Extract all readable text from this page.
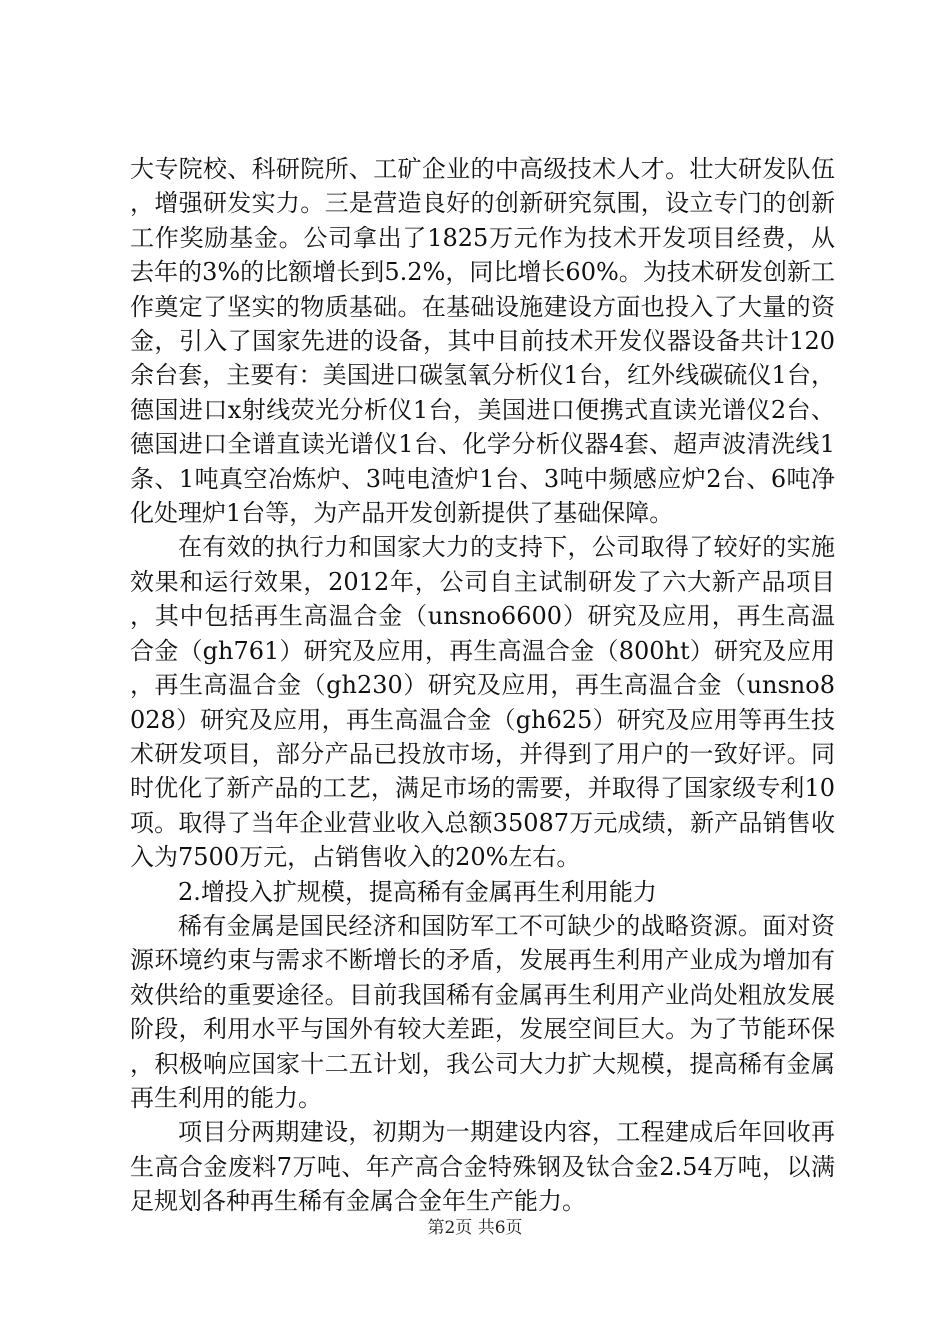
大专院校、科研院所、工矿企业的中高级技术人才。壮大研发队伍，增强研发实力。三是营造良好的创新研究氛围，设立专门的创新工作奖励基金。公司拿出了1825万元作为技术开发项目经费，从去年的3%的比额增长到5.2%，同比增长60%。为技术研发创新工作奠定了坚实的物质基础。在基础设施建设方面也投入了大量的资金，引入了国家先进的设备，其中目前技术开发仪器设备共计120余台套，主要有：美国进口碳氢氧分析仪1台，红外线碳硫仪1台，德国进口x射线荧光分析仪1台，美国进口便携式直读光谱仪2台、德国进口全谱直读光谱仪1台、化学分析仪器4套、超声波清洗线1条、1吨真空冶炼炉、3吨电渣炉1台、3吨中频感应炉2台、6吨净化处理炉1台等，为产品开发创新提供了基础保障。

在有效的执行力和国家大力的支持下，公司取得了较好的实施效果和运行效果，2012年，公司自主试制研发了六大新产品项目，其中包括再生高温合金（unsno6600）研究及应用，再生高温合金（gh761）研究及应用，再生高温合金（800ht）研究及应用，再生高温合金（gh230）研究及应用，再生高温合金（unsno8028）研究及应用，再生高温合金（gh625）研究及应用等再生技术研发项目，部分产品已投放市场，并得到了用户的一致好评。同时优化了新产品的工艺，满足市场的需要，并取得了国家级专利10项。取得了当年企业营业收入总额35087万元成绩，新产品销售收入为7500万元，占销售收入的20%左右。

2.增投入扩规模，提高稀有金属再生利用能力

稀有金属是国民经济和国防军工不可缺少的战略资源。面对资源环境约束与需求不断增长的矛盾，发展再生利用产业成为增加有效供给的重要途径。目前我国稀有金属再生利用产业尚处粗放发展阶段，利用水平与国外有较大差距，发展空间巨大。为了节能环保，积极响应国家十二五计划，我公司大力扩大规模，提高稀有金属再生利用的能力。

项目分两期建设，初期为一期建设内容，工程建成后年回收再生高合金废料7万吨、年产高合金特殊钢及钛合金2.54万吨，以满足规划各种再生稀有金属合金年生产能力。

第2页 共6页
